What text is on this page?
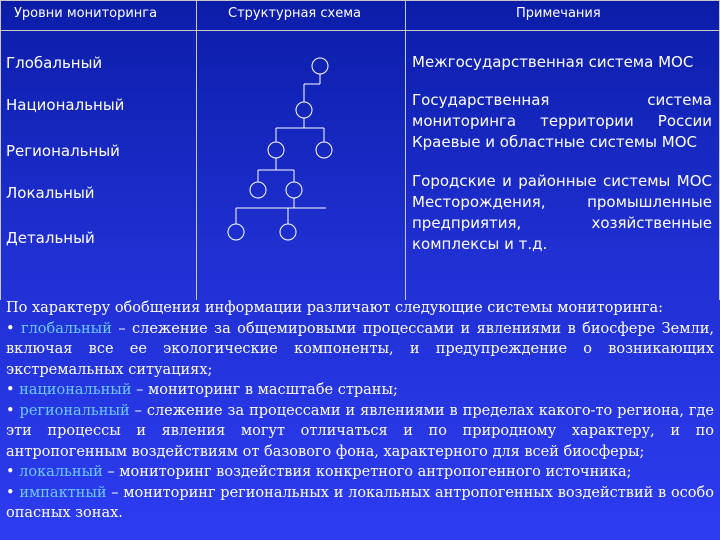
Уровни мониторинга	Структурная схема	Примечания
Глобальный
Национальный
Региональный
Локальный
Детальный

Межгосударственная система МОС

Государственная система мониторинга территории России Краевые и областные системы МОС

Городские и районные системы МОС Месторождения, промышленные предприятия, хозяйственные комплексы и т.д.

По характеру обобщения информации различают следующие системы мониторинга:

• глобальный – слежение за общемировыми процессами и явлениями в биосфере Земли, включая все ее экологические компоненты, и предупреждение о возникающих экстремальных ситуациях;

• национальный – мониторинг в масштабе страны;

• региональный – слежение за процессами и явлениями в пределах какого-то региона, где эти процессы и явления могут отличаться и по природному характеру, и по антропогенным воздействиям от базового фона, характерного для всей биосферы;

• локальный – мониторинг воздействия конкретного антропогенного источника;

• импактный – мониторинг региональных и локальных антропогенных воздействий в особо опасных зонах.
